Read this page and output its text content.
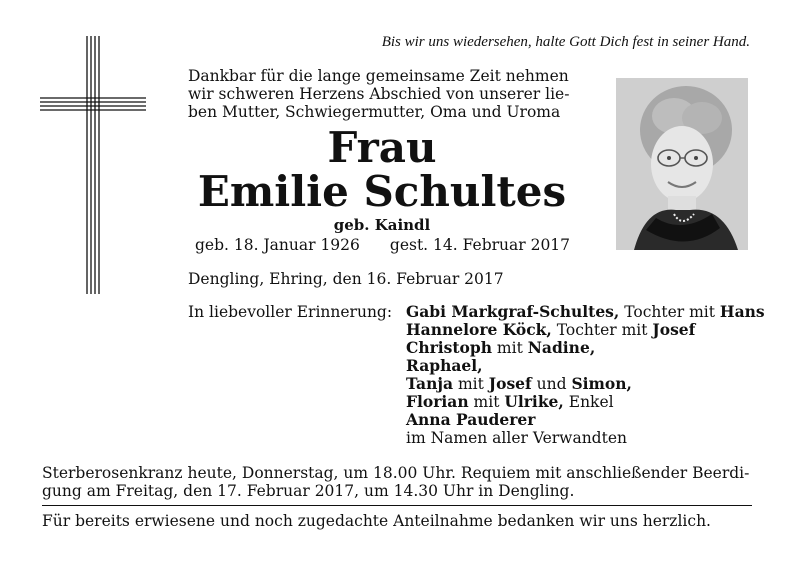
Bis wir uns wiedersehen, halte Gott Dich fest in seiner Hand.
Dankbar für die lange gemeinsame Zeit nehmen
wir schweren Herzens Abschied von unserer lie-
ben Mutter, Schwiegermutter, Oma und Uroma
Frau
Emilie Schultes
geb. Kaindl
geb. 18. Januar 1926 gest. 14. Februar 2017
Dengling, Ehring, den 16. Februar 2017
In liebevoller Erinnerung: Gabi Markgraf-Schultes, Tochter mit Hans
Hannelore Köck, Tochter mit Josef
Christoph mit Nadine,
Raphael,
Tanja mit Josef und Simon,
Florian mit Ulrike, Enkel
Anna Pauderer
im Namen aller Verwandten
Sterberosenkranz heute, Donnerstag, um 18.00 Uhr. Requiem mit anschließender Beerdi-
gung am Freitag, den 17. Februar 2017, um 14.30 Uhr in Dengling.
Für bereits erwiesene und noch zugedachte Anteilnahme bedanken wir uns herzlich.
